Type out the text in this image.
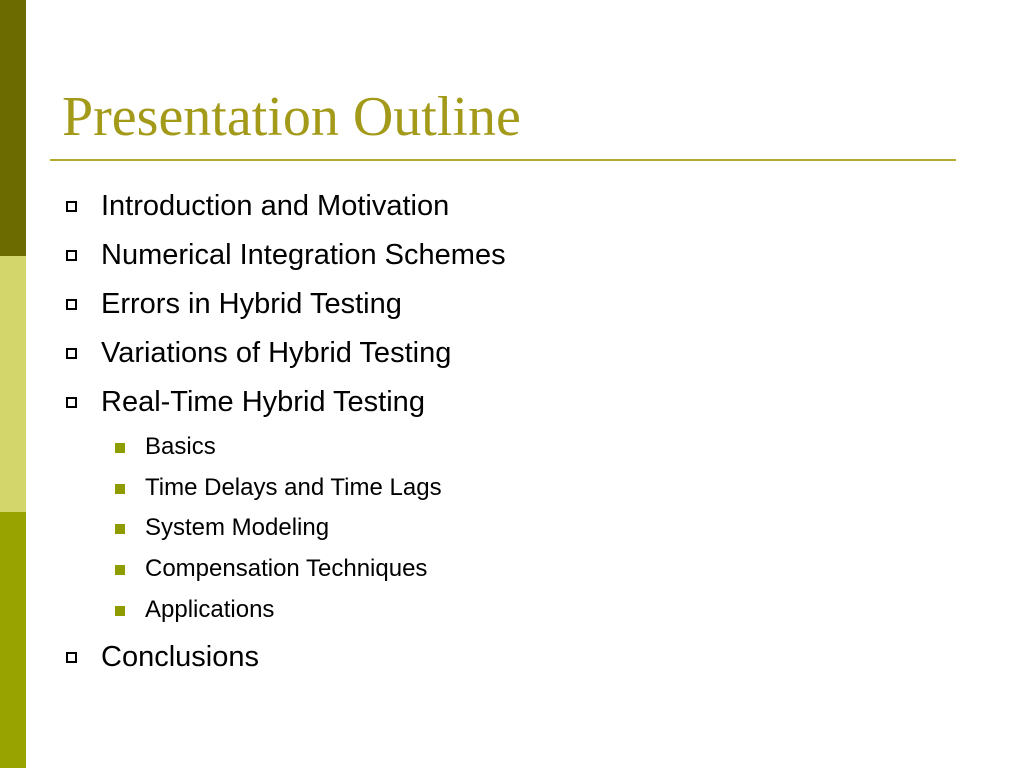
Presentation Outline
Introduction and Motivation
Numerical Integration Schemes
Errors in Hybrid Testing
Variations of Hybrid Testing
Real-Time Hybrid Testing
Basics
Time Delays and Time Lags
System Modeling
Compensation Techniques
Applications
Conclusions
